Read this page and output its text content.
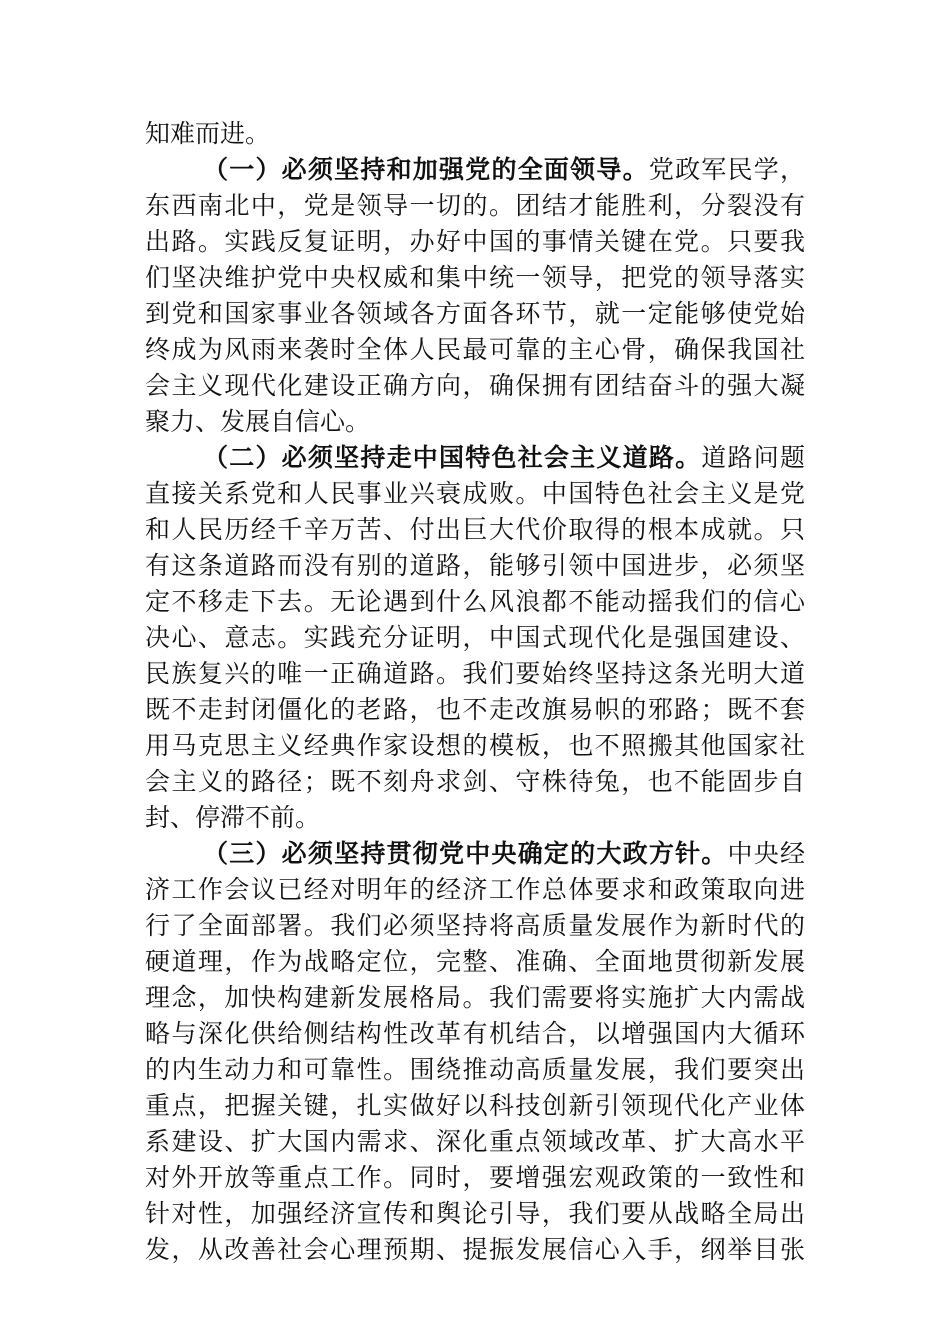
知难而进。
（一）必须坚持和加强党的全面领导。党政军民学，
东西南北中，党是领导一切的。团结才能胜利，分裂没有
出路。实践反复证明，办好中国的事情关键在党。只要我
们坚决维护党中央权威和集中统一领导，把党的领导落实
到党和国家事业各领域各方面各环节，就一定能够使党始
终成为风雨来袭时全体人民最可靠的主心骨，确保我国社
会主义现代化建设正确方向，确保拥有团结奋斗的强大凝
聚力、发展自信心。
（二）必须坚持走中国特色社会主义道路。道路问题
直接关系党和人民事业兴衰成败。中国特色社会主义是党
和人民历经千辛万苦、付出巨大代价取得的根本成就。只
有这条道路而没有别的道路，能够引领中国进步，必须坚
定不移走下去。无论遇到什么风浪都不能动摇我们的信心
决心、意志。实践充分证明，中国式现代化是强国建设、
民族复兴的唯一正确道路。我们要始终坚持这条光明大道
既不走封闭僵化的老路，也不走改旗易帜的邪路；既不套
用马克思主义经典作家设想的模板，也不照搬其他国家社
会主义的路径；既不刻舟求剑、守株待兔，也不能固步自
封、停滞不前。
（三）必须坚持贯彻党中央确定的大政方针。中央经
济工作会议已经对明年的经济工作总体要求和政策取向进
行了全面部署。我们必须坚持将高质量发展作为新时代的
硬道理，作为战略定位，完整、准确、全面地贯彻新发展
理念，加快构建新发展格局。我们需要将实施扩大内需战
略与深化供给侧结构性改革有机结合，以增强国内大循环
的内生动力和可靠性。围绕推动高质量发展，我们要突出
重点，把握关键，扎实做好以科技创新引领现代化产业体
系建设、扩大国内需求、深化重点领域改革、扩大高水平
对外开放等重点工作。同时，要增强宏观政策的一致性和
针对性，加强经济宣传和舆论引导，我们要从战略全局出
发，从改善社会心理预期、提振发展信心入手，纲举目张
